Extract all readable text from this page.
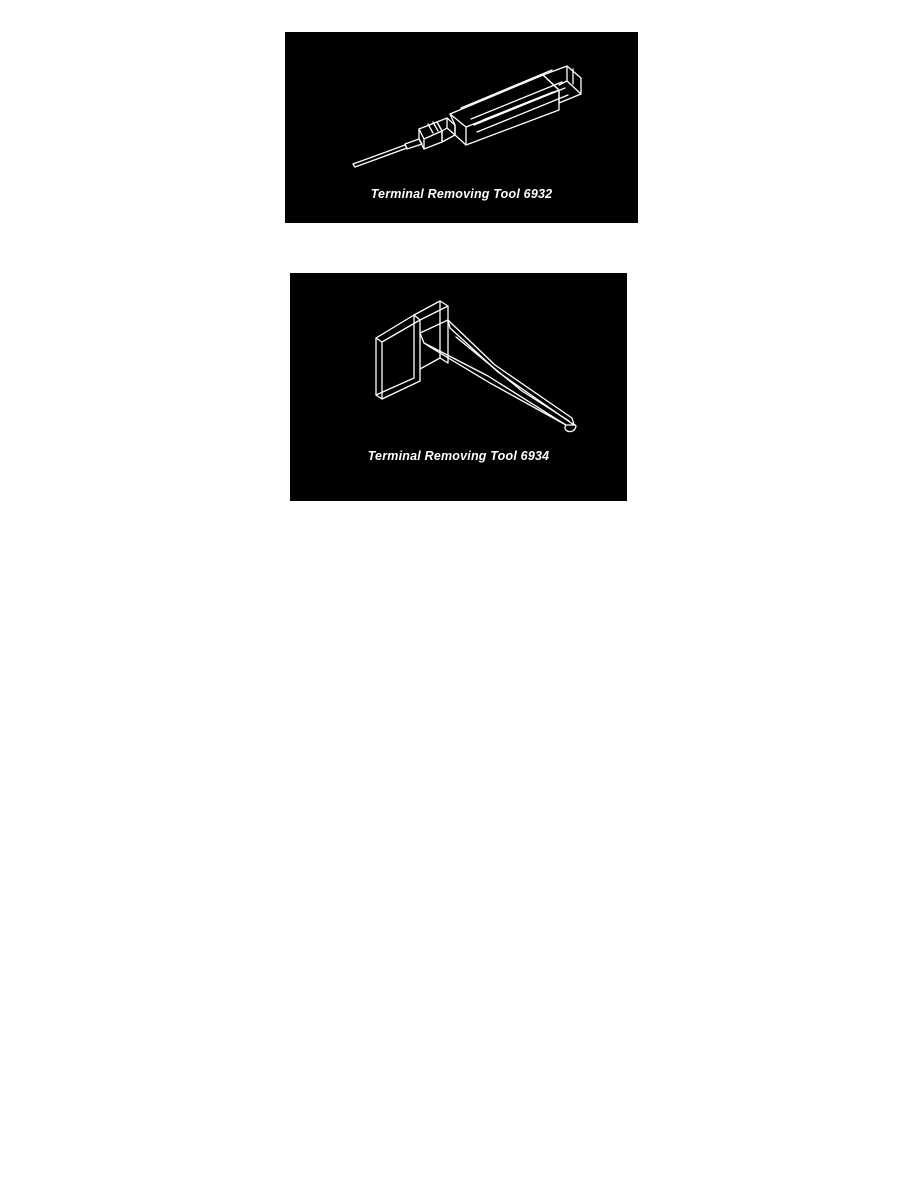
Terminal Removing Tool 6932
Terminal Removing Tool 6934
